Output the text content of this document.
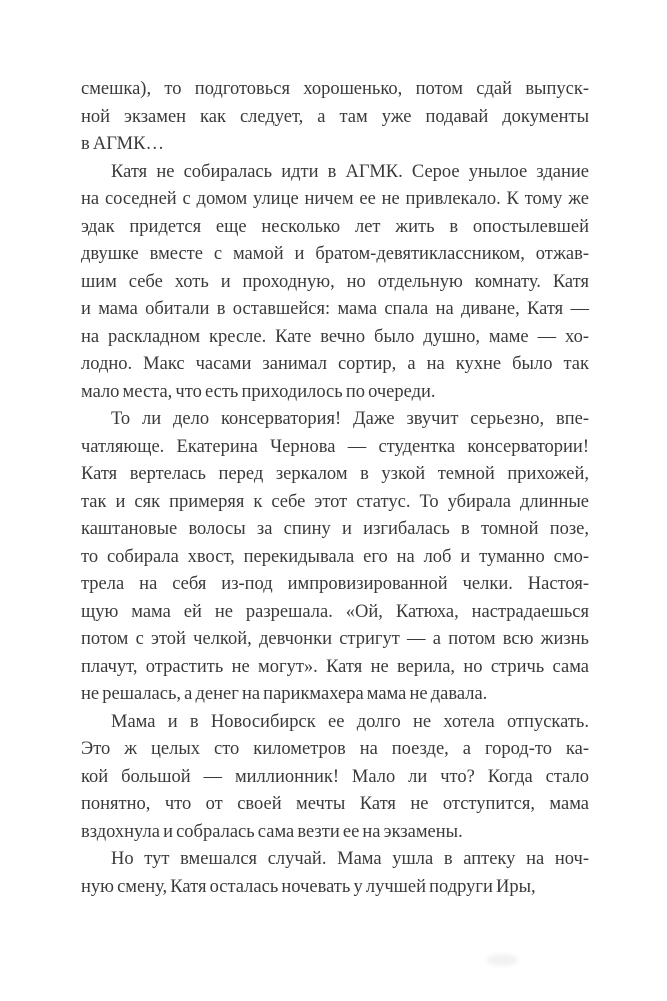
смешка), то подготовься хорошенько, потом сдай выпуск-
ной экзамен как следует, а там уже подавай документы
в АГМК…
Катя не собиралась идти в АГМК. Серое унылое здание
на соседней с домом улице ничем ее не привлекало. К тому же
эдак придется еще несколько лет жить в опостылевшей
двушке вместе с мамой и братом-девятиклассником, отжав-
шим себе хоть и проходную, но отдельную комнату. Катя
и мама обитали в оставшейся: мама спала на диване, Катя —
на раскладном кресле. Кате вечно было душно, маме — хо-
лодно. Макс часами занимал сортир, а на кухне было так
мало места, что есть приходилось по очереди.
То ли дело консерватория! Даже звучит серьезно, впе-
чатляюще. Екатерина Чернова — студентка консерватории!
Катя вертелась перед зеркалом в узкой темной прихожей,
так и сяк примеряя к себе этот статус. То убирала длинные
каштановые волосы за спину и изгибалась в томной позе,
то собирала хвост, перекидывала его на лоб и туманно смо-
трела на себя из-под импровизированной челки. Настоя-
щую мама ей не разрешала. «Ой, Катюха, настрадаешься
потом с этой челкой, девчонки стригут — а потом всю жизнь
плачут, отрастить не могут». Катя не верила, но стричь сама
не решалась, а денег на парикмахера мама не давала.
Мама и в Новосибирск ее долго не хотела отпускать.
Это ж целых сто километров на поезде, а город-то ка-
кой большой — миллионник! Мало ли что? Когда стало
понятно, что от своей мечты Катя не отступится, мама
вздохнула и собралась сама везти ее на экзамены.
Но тут вмешался случай. Мама ушла в аптеку на ноч-
ную смену, Катя осталась ночевать у лучшей подруги Иры,
